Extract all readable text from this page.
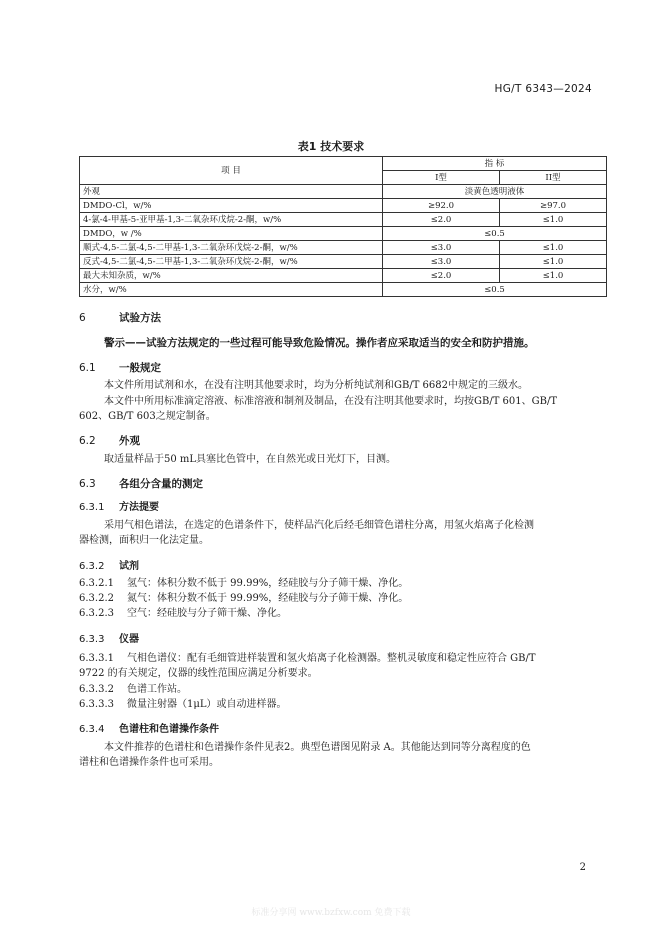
HG/T 6343—2024
表1 技术要求
项 目	指 标	
	I型	II型
外观	淡黄色透明液体	
DMDO-Cl，w/%	≥92.0	≥97.0
4-氯-4-甲基-5-亚甲基-1,3-二氧杂环戊烷-2-酮，w/%	≤2.0	≤1.0
DMDO，w /%	≤0.5	
顺式-4,5-二氯-4,5-二甲基-1,3-二氧杂环戊烷-2-酮，w/%	≤3.0	≤1.0
反式-4,5-二氯-4,5-二甲基-1,3-二氧杂环戊烷-2-酮，w/%	≤3.0	≤1.0
最大未知杂质，w/%	≤2.0	≤1.0
水分，w/%	≤0.5	
6	试验方法
警示——试验方法规定的一些过程可能导致危险情况。操作者应采取适当的安全和防护措施。
6.1 一般规定
本文件所用试剂和水，在没有注明其他要求时，均为分析纯试剂和GB/T 6682中规定的三级水。
本文件中所用标准滴定溶液、标准溶液和制剂及制品，在没有注明其他要求时，均按GB/T 601、GB/T
602、GB/T 603之规定制备。
6.2 外观
取适量样品于50 mL具塞比色管中，在自然光或日光灯下，目测。
6.3 各组分含量的测定
6.3.1 方法提要
采用气相色谱法，在选定的色谱条件下，使样品汽化后经毛细管色谱柱分离，用氢火焰离子化检测
器检测，面积归一化法定量。
6.3.2 试剂
6.3.2.1 氢气：体积分数不低于 99.99%，经硅胶与分子筛干燥、净化。
6.3.2.2 氮气：体积分数不低于 99.99%，经硅胶与分子筛干燥、净化。
6.3.2.3 空气：经硅胶与分子筛干燥、净化。
6.3.3 仪器
6.3.3.1 气相色谱仪：配有毛细管进样装置和氢火焰离子化检测器。整机灵敏度和稳定性应符合 GB/T
9722 的有关规定，仪器的线性范围应满足分析要求。
6.3.3.2 色谱工作站。
6.3.3.3 微量注射器（1μL）或自动进样器。
6.3.4 色谱柱和色谱操作条件
本文件推荐的色谱柱和色谱操作条件见表2。典型色谱图见附录 A。其他能达到同等分离程度的色
谱柱和色谱操作条件也可采用。
2
标准分享网 www.bzfxw.com 免费下载
